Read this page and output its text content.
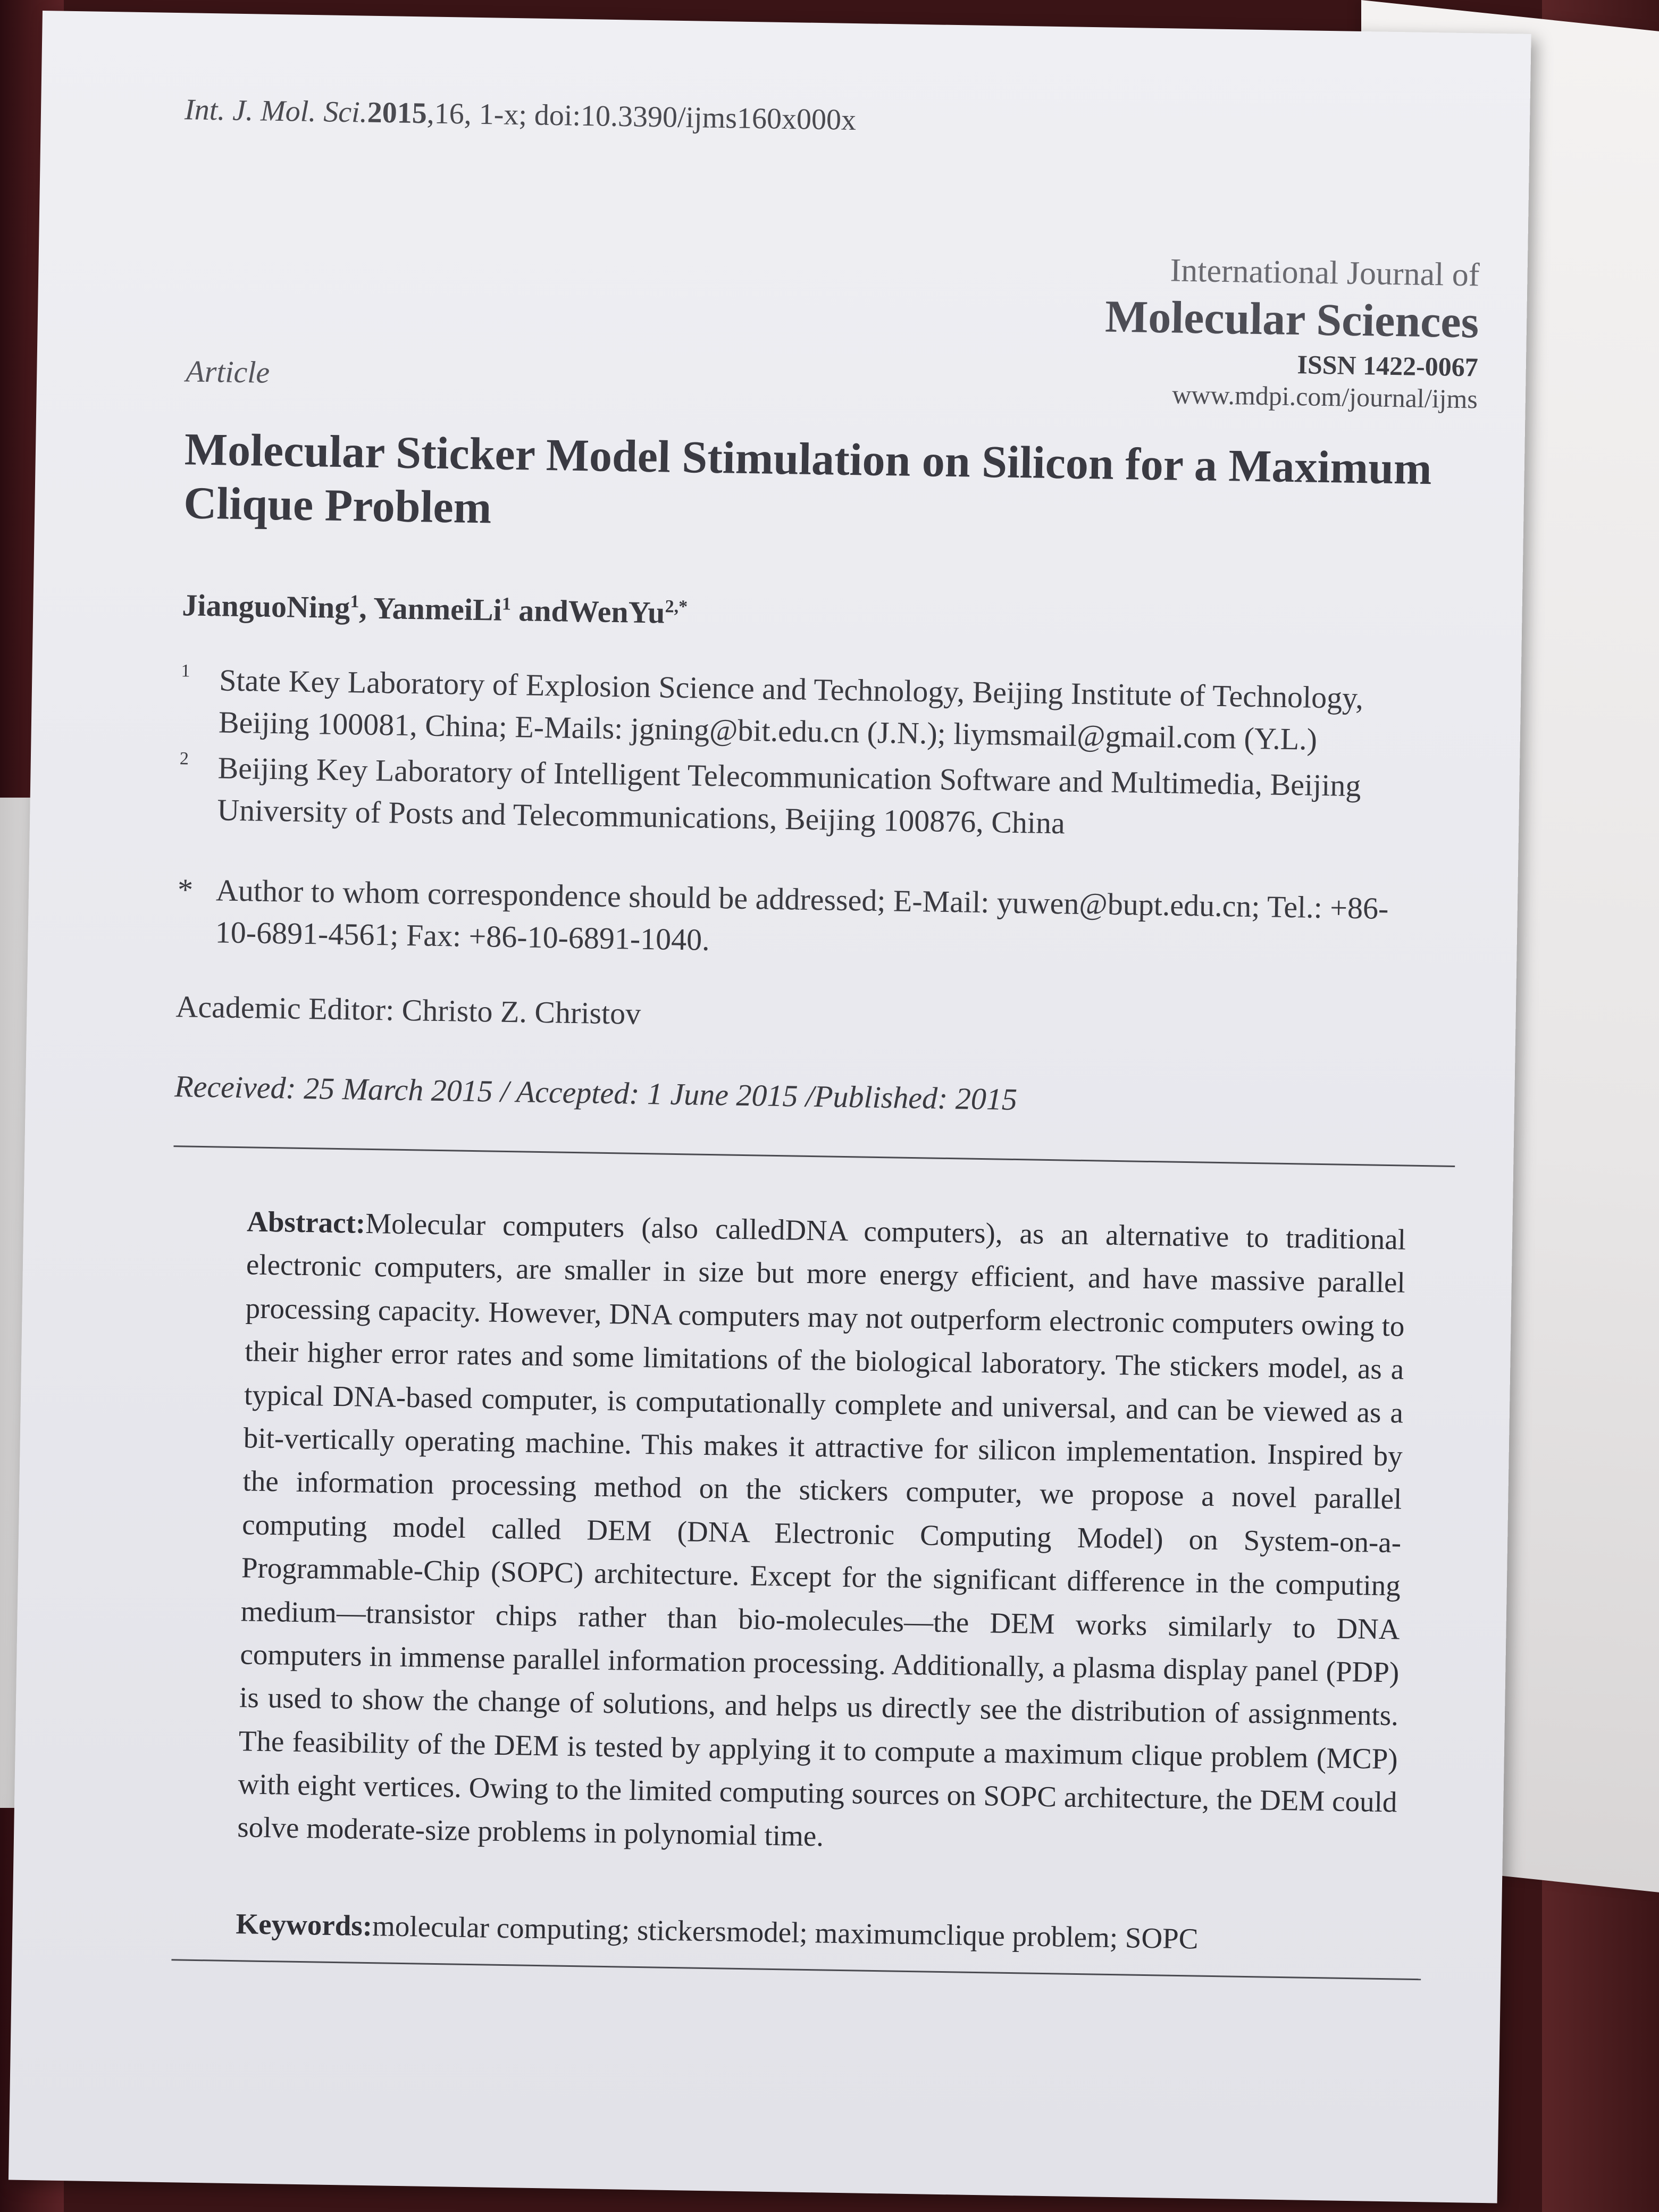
Int. J. Mol. Sci.2015,16, 1-x; doi:10.3390/ijms160x000x
International Journal of
Molecular Sciences
ISSN 1422-0067
www.mdpi.com/journal/ijms
Article
Molecular Sticker Model Stimulation on Silicon for a Maximum Clique Problem
JianguoNing$^1$, YanmeiLi$^1$ andWenYu$^{2,*}$
1 State Key Laboratory of Explosion Science and Technology, Beijing Institute of Technology, Beijing 100081, China; E-Mails: jgning@bit.edu.cn (J.N.); liymsmail@gmail.com (Y.L.)
2 Beijing Key Laboratory of Intelligent Telecommunication Software and Multimedia, Beijing University of Posts and Telecommunications, Beijing 100876, China
* Author to whom correspondence should be addressed; E-Mail: yuwen@bupt.edu.cn; Tel.: +86-10-6891-4561; Fax: +86-10-6891-1040.
Academic Editor: Christo Z. Christov
Received: 25 March 2015 / Accepted: 1 June 2015 /Published: 2015
Abstract:Molecular computers (also calledDNA computers), as an alternative to traditional electronic computers, are smaller in size but more energy efficient, and have massive parallel processing capacity. However, DNA computers may not outperform electronic computers owing to their higher error rates and some limitations of the biological laboratory. The stickers model, as a typical DNA-based computer, is computationally complete and universal, and can be viewed as a bit-vertically operating machine. This makes it attractive for silicon implementation. Inspired by the information processing method on the stickers computer, we propose a novel parallel computing model called DEM (DNA Electronic Computing Model) on System-on-a-Programmable-Chip (SOPC) architecture. Except for the significant difference in the computing medium—transistor chips rather than bio-molecules—the DEM works similarly to DNA computers in immense parallel information processing. Additionally, a plasma display panel (PDP) is used to show the change of solutions, and helps us directly see the distribution of assignments. The feasibility of the DEM is tested by applying it to compute a maximum clique problem (MCP) with eight vertices. Owing to the limited computing sources on SOPC architecture, the DEM could solve moderate-size problems in polynomial time.
Keywords:molecular computing; stickersmodel; maximumclique problem; SOPC
